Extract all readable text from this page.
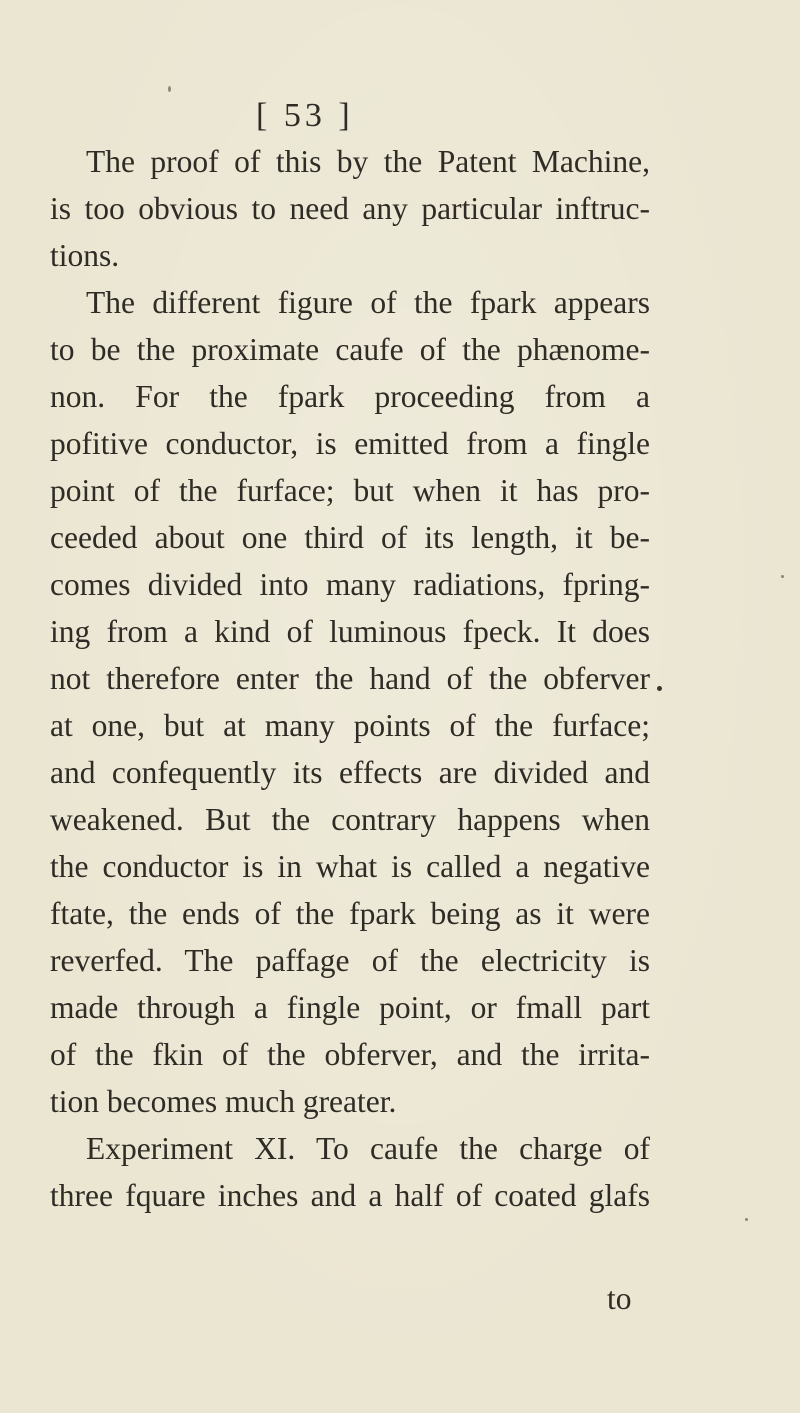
[ 53 ]
The proof of this by the Patent Machine,
is too obvious to need any particular inftruc-
tions.
The different figure of the fpark appears
to be the proximate caufe of the phænome-
non. For the fpark proceeding from a
pofitive conductor, is emitted from a fingle
point of the furface; but when it has pro-
ceeded about one third of its length, it be-
comes divided into many radiations, fpring-
ing from a kind of luminous fpeck. It does
not therefore enter the hand of the obferver
at one, but at many points of the furface;
and confequently its effects are divided and
weakened. But the contrary happens when
the conductor is in what is called a negative
ftate, the ends of the fpark being as it were
reverfed. The paffage of the electricity is
made through a fingle point, or fmall part
of the fkin of the obferver, and the irrita-
tion becomes much greater.
Experiment XI. To caufe the charge of
three fquare inches and a half of coated glafs
to
